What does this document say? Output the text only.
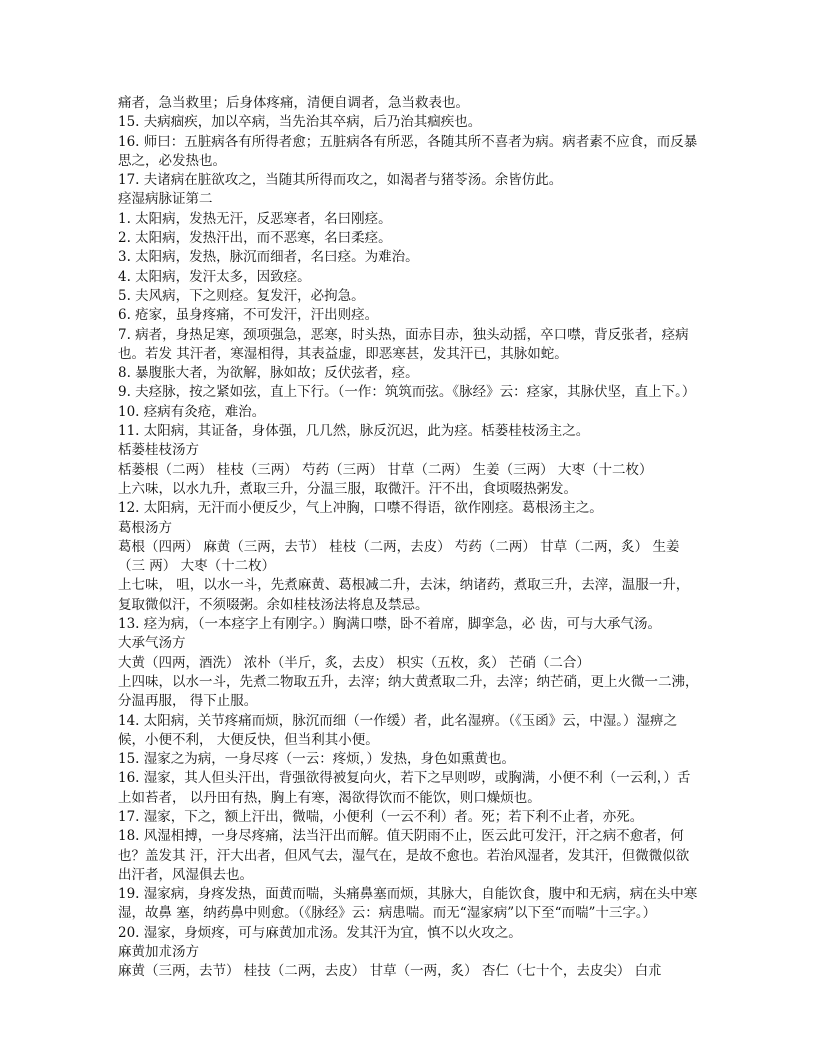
痛者，急当救里；后身体疼痛，清便自调者，急当救表也。

15. 夫病痼疾，加以卒病，当先治其卒病，后乃治其痼疾也。

16. 师曰：五脏病各有所得者愈；五脏病各有所恶，各随其所不喜者为病。病者素不应食，而反暴思之，必发热也。

17. 夫诸病在脏欲攻之，当随其所得而攻之，如渴者与猪苓汤。余皆仿此。

痉湿病脉证第二

1. 太阳病，发热无汗，反恶寒者，名曰刚痉。

2. 太阳病，发热汗出，而不恶寒，名曰柔痉。

3. 太阳病，发热，脉沉而细者，名曰痉。为难治。

4. 太阳病，发汗太多，因致痉。

5. 夫风病，下之则痉。复发汗，必拘急。

6. 疮家，虽身疼痛，不可发汗，汗出则痉。

7. 病者，身热足寒，颈项强急，恶寒，时头热，面赤目赤，独头动摇，卒口噤，背反张者，痉病也。若发 其汗者，寒湿相得，其表益虚，即恶寒甚，发其汗已，其脉如蛇。

8. 暴腹胀大者，为欲解，脉如故；反伏弦者，痉。

9. 夫痉脉，按之紧如弦，直上下行。（一作：筑筑而弦。《脉经》云：痉家，其脉伏坚，直上下。）

10. 痉病有灸疮，难治。

11. 太阳病，其证备，身体强，几几然，脉反沉迟，此为痉。栝蒌桂枝汤主之。

栝蒌桂枝汤方

栝蒌根（二两） 桂枝（三两） 芍药（三两） 甘草（二两） 生姜（三两） 大枣（十二枚）

上六味，以水九升，煮取三升，分温三服，取微汗。汗不出，食顷啜热粥发。

12. 太阳病，无汗而小便反少，气上冲胸，口噤不得语，欲作刚痉。葛根汤主之。

葛根汤方

葛根（四两） 麻黄（三两，去节） 桂枝（二两，去皮） 芍药（二两） 甘草（二两，炙） 生姜（三 两） 大枣（十二枚）

上七味， 咀，以水一斗，先煮麻黄、葛根减二升，去沫，纳诸药，煮取三升，去滓，温服一升，复取微似汗，不须啜粥。余如桂枝汤法将息及禁忌。

13. 痉为病，（一本痉字上有刚字。）胸满口噤，卧不着席，脚挛急，必 齿，可与大承气汤。

大承气汤方

大黄（四两，酒洗） 浓朴（半斤，炙，去皮） 枳实（五枚，炙） 芒硝（二合）

上四味，以水一斗，先煮二物取五升，去滓；纳大黄煮取二升，去滓；纳芒硝，更上火微一二沸，分温再服， 得下止服。

14. 太阳病，关节疼痛而烦，脉沉而细（一作缓）者，此名湿痹。（《玉函》云，中湿。）湿痹之候，小便不利， 大便反快，但当利其小便。

15. 湿家之为病，一身尽疼（一云：疼烦，）发热，身色如熏黄也。

16. 湿家，其人但头汗出，背强欲得被复向火，若下之早则哕，或胸满，小便不利（一云利，）舌上如苔者， 以丹田有热，胸上有寒，渴欲得饮而不能饮，则口燥烦也。

17. 湿家，下之，额上汗出，微喘，小便利（一云不利）者。死；若下利不止者，亦死。

18. 风湿相搏，一身尽疼痛，法当汗出而解。值天阴雨不止，医云此可发汗，汗之病不愈者，何也？盖发其 汗，汗大出者，但风气去，湿气在，是故不愈也。若治风湿者，发其汗，但微微似欲出汗者，风湿俱去也。

19. 湿家病，身疼发热，面黄而喘，头痛鼻塞而烦，其脉大，自能饮食，腹中和无病，病在头中寒湿，故鼻 塞，纳药鼻中则愈。（《脉经》云：病患喘。而无“湿家病”以下至“而喘”十三字。）

20. 湿家，身烦疼，可与麻黄加朮汤。发其汗为宜，慎不以火攻之。

麻黄加朮汤方

麻黄（三两，去节） 桂技（二两，去皮） 甘草（一两，炙） 杏仁（七十个，去皮尖） 白朮
